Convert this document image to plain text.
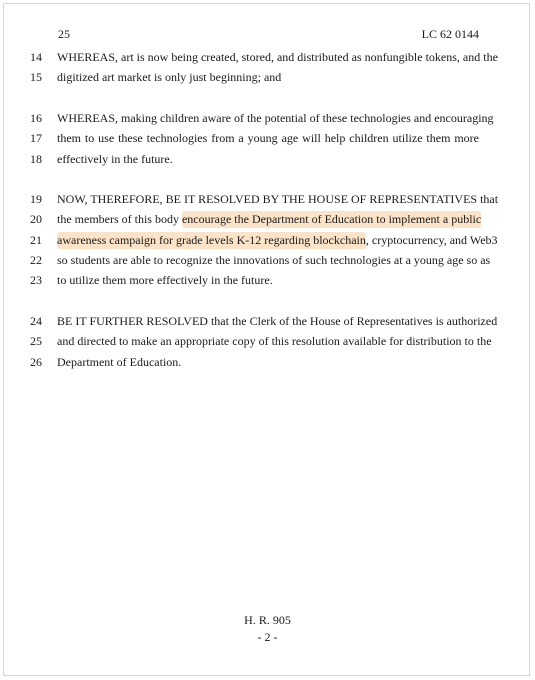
25	LC 62 0144
14	WHEREAS, art is now being created, stored, and distributed as nonfungible tokens, and the
15	digitized art market is only just beginning; and
16	WHEREAS, making children aware of the potential of these technologies and encouraging
17	them to use these technologies from a young age will help children utilize them more
18	effectively in the future.
19	NOW, THEREFORE, BE IT RESOLVED BY THE HOUSE OF REPRESENTATIVES that
20	the members of this body encourage the Department of Education to implement a public
21	awareness campaign for grade levels K-12 regarding blockchain, cryptocurrency, and Web3
22	so students are able to recognize the innovations of such technologies at a young age so as
23	to utilize them more effectively in the future.
24	BE IT FURTHER RESOLVED that the Clerk of the House of Representatives is authorized
25	and directed to make an appropriate copy of this resolution available for distribution to the
26	Department of Education.
H. R. 905
- 2 -
